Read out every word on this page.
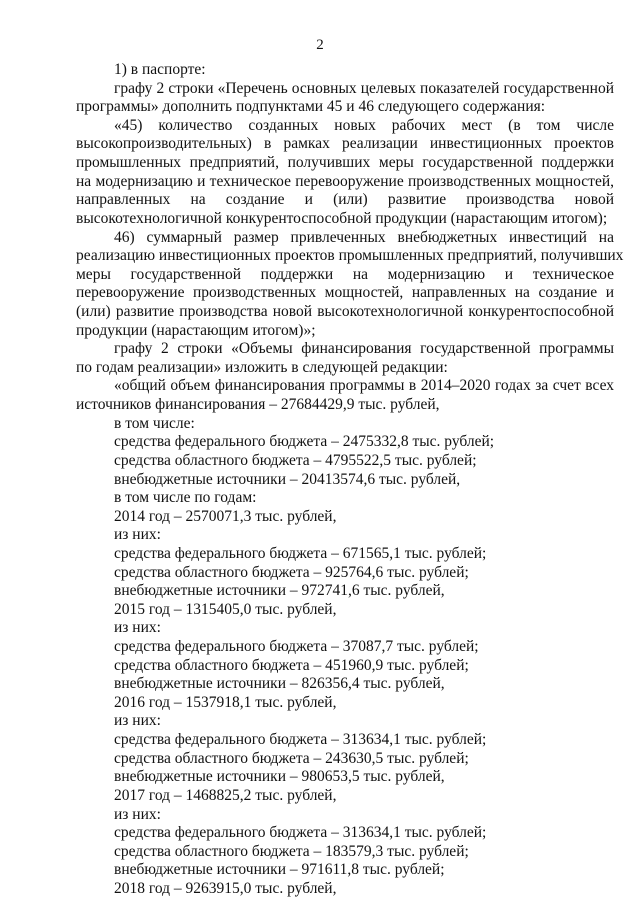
2
1) в паспорте:
графу 2 строки «Перечень основных целевых показателей государственной
программы» дополнить подпунктами 45 и 46 следующего содержания:
«45) количество созданных новых рабочих мест (в том числе
высокопроизводительных) в рамках реализации инвестиционных проектов
промышленных предприятий, получивших меры государственной поддержки
на модернизацию и техническое перевооружение производственных мощностей,
направленных на создание и (или) развитие производства новой
высокотехнологичной конкурентоспособной продукции (нарастающим итогом);
46) суммарный размер привлеченных внебюджетных инвестиций на
реализацию инвестиционных проектов промышленных предприятий, получивших
меры государственной поддержки на модернизацию и техническое
перевооружение производственных мощностей, направленных на создание и
(или) развитие производства новой высокотехнологичной конкурентоспособной
продукции (нарастающим итогом)»;
графу 2 строки «Объемы финансирования государственной программы
по годам реализации» изложить в следующей редакции:
«общий объем финансирования программы в 2014–2020 годах за счет всех
источников финансирования – 27684429,9 тыс. рублей,
в том числе:
средства федерального бюджета – 2475332,8 тыс. рублей;
средства областного бюджета – 4795522,5 тыс. рублей;
внебюджетные источники – 20413574,6 тыс. рублей,
в том числе по годам:
2014 год – 2570071,3 тыс. рублей,
из них:
средства федерального бюджета – 671565,1 тыс. рублей;
средства областного бюджета – 925764,6 тыс. рублей;
внебюджетные источники – 972741,6 тыс. рублей,
2015 год – 1315405,0 тыс. рублей,
из них:
средства федерального бюджета – 37087,7 тыс. рублей;
средства областного бюджета – 451960,9 тыс. рублей;
внебюджетные источники – 826356,4 тыс. рублей,
2016 год – 1537918,1 тыс. рублей,
из них:
средства федерального бюджета – 313634,1 тыс. рублей;
средства областного бюджета – 243630,5 тыс. рублей;
внебюджетные источники – 980653,5 тыс. рублей,
2017 год – 1468825,2 тыс. рублей,
из них:
средства федерального бюджета – 313634,1 тыс. рублей;
средства областного бюджета – 183579,3 тыс. рублей;
внебюджетные источники – 971611,8 тыс. рублей;
2018 год – 9263915,0 тыс. рублей,
